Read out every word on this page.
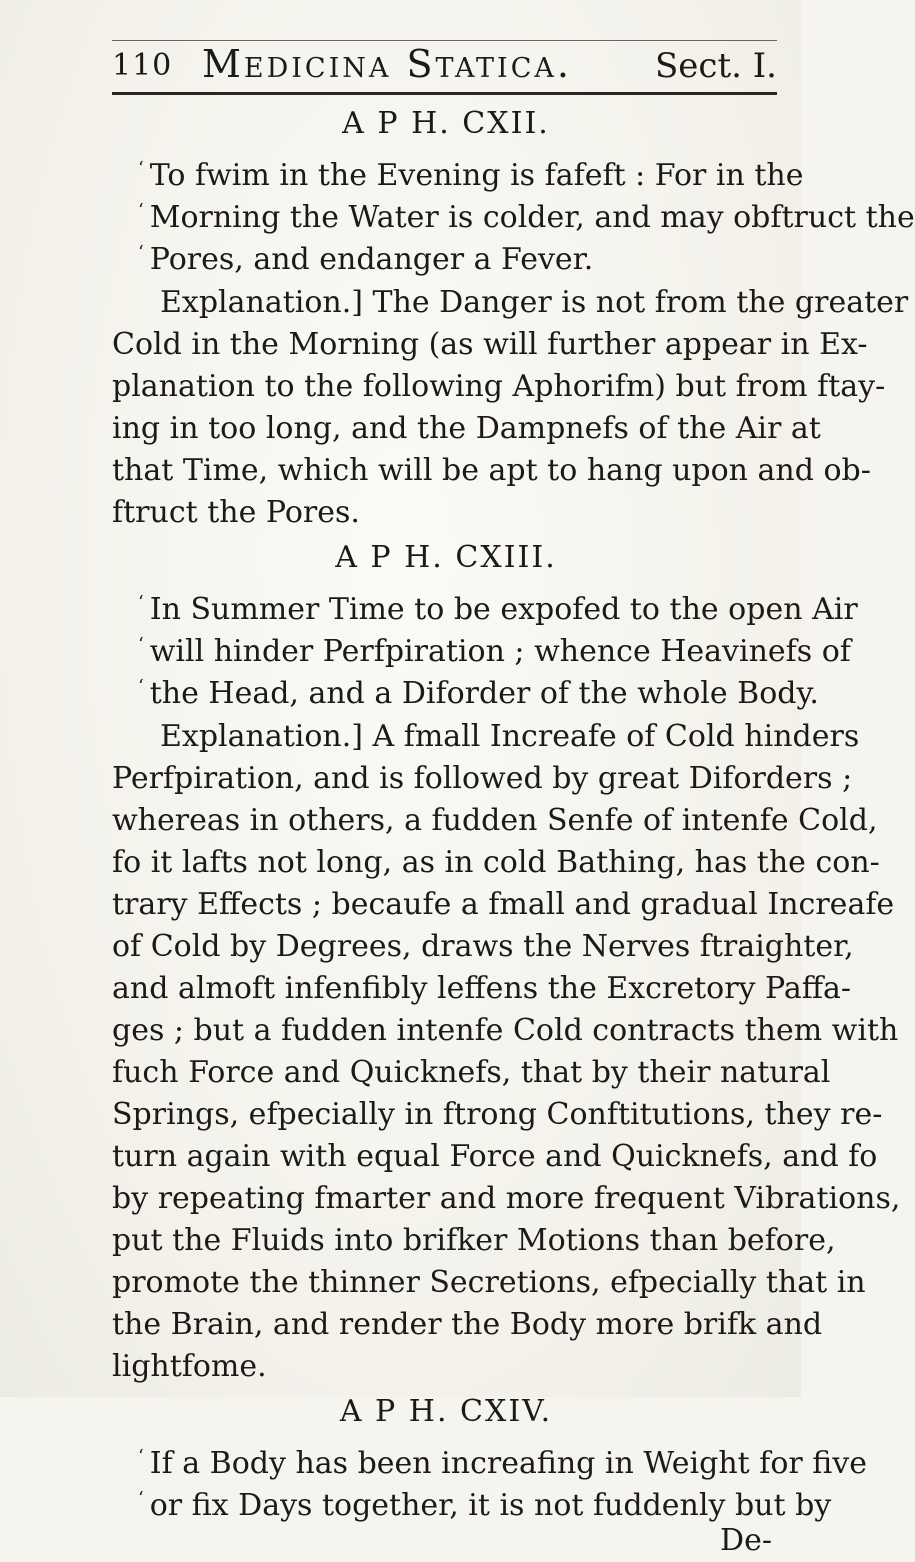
110 Medicina Statica. Sect. I.

A P H. CXII.

‘ To fwim in the Evening is fafeft : For in the

‘ Morning the Water is colder, and may obftruct the

‘ Pores, and endanger a Fever.

Explanation.] The Danger is not from the greater

Cold in the Morning (as will further appear in Ex-

planation to the following Aphorifm) but from ftay-

ing in too long, and the Dampnefs of the Air at

that Time, which will be apt to hang upon and ob-

ftruct the Pores.

A P H. CXIII.

‘ In Summer Time to be expofed to the open Air

‘ will hinder Perfpiration ; whence Heavinefs of

‘ the Head, and a Diforder of the whole Body.

Explanation.] A fmall Increafe of Cold hinders

Perfpiration, and is followed by great Diforders ;

whereas in others, a fudden Senfe of intenfe Cold,

fo it lafts not long, as in cold Bathing, has the con-

trary Effects ; becaufe a fmall and gradual Increafe

of Cold by Degrees, draws the Nerves ftraighter,

and almoft infenfibly leffens the Excretory Paffa-

ges ; but a fudden intenfe Cold contracts them with

fuch Force and Quicknefs, that by their natural

Springs, efpecially in ftrong Conftitutions, they re-

turn again with equal Force and Quicknefs, and fo

by repeating fmarter and more frequent Vibrations,

put the Fluids into brifker Motions than before,

promote the thinner Secretions, efpecially that in

the Brain, and render the Body more brifk and

lightfome.

A P H. CXIV.

‘ If a Body has been increafing in Weight for five

‘ or fix Days together, it is not fuddenly but by

De-
